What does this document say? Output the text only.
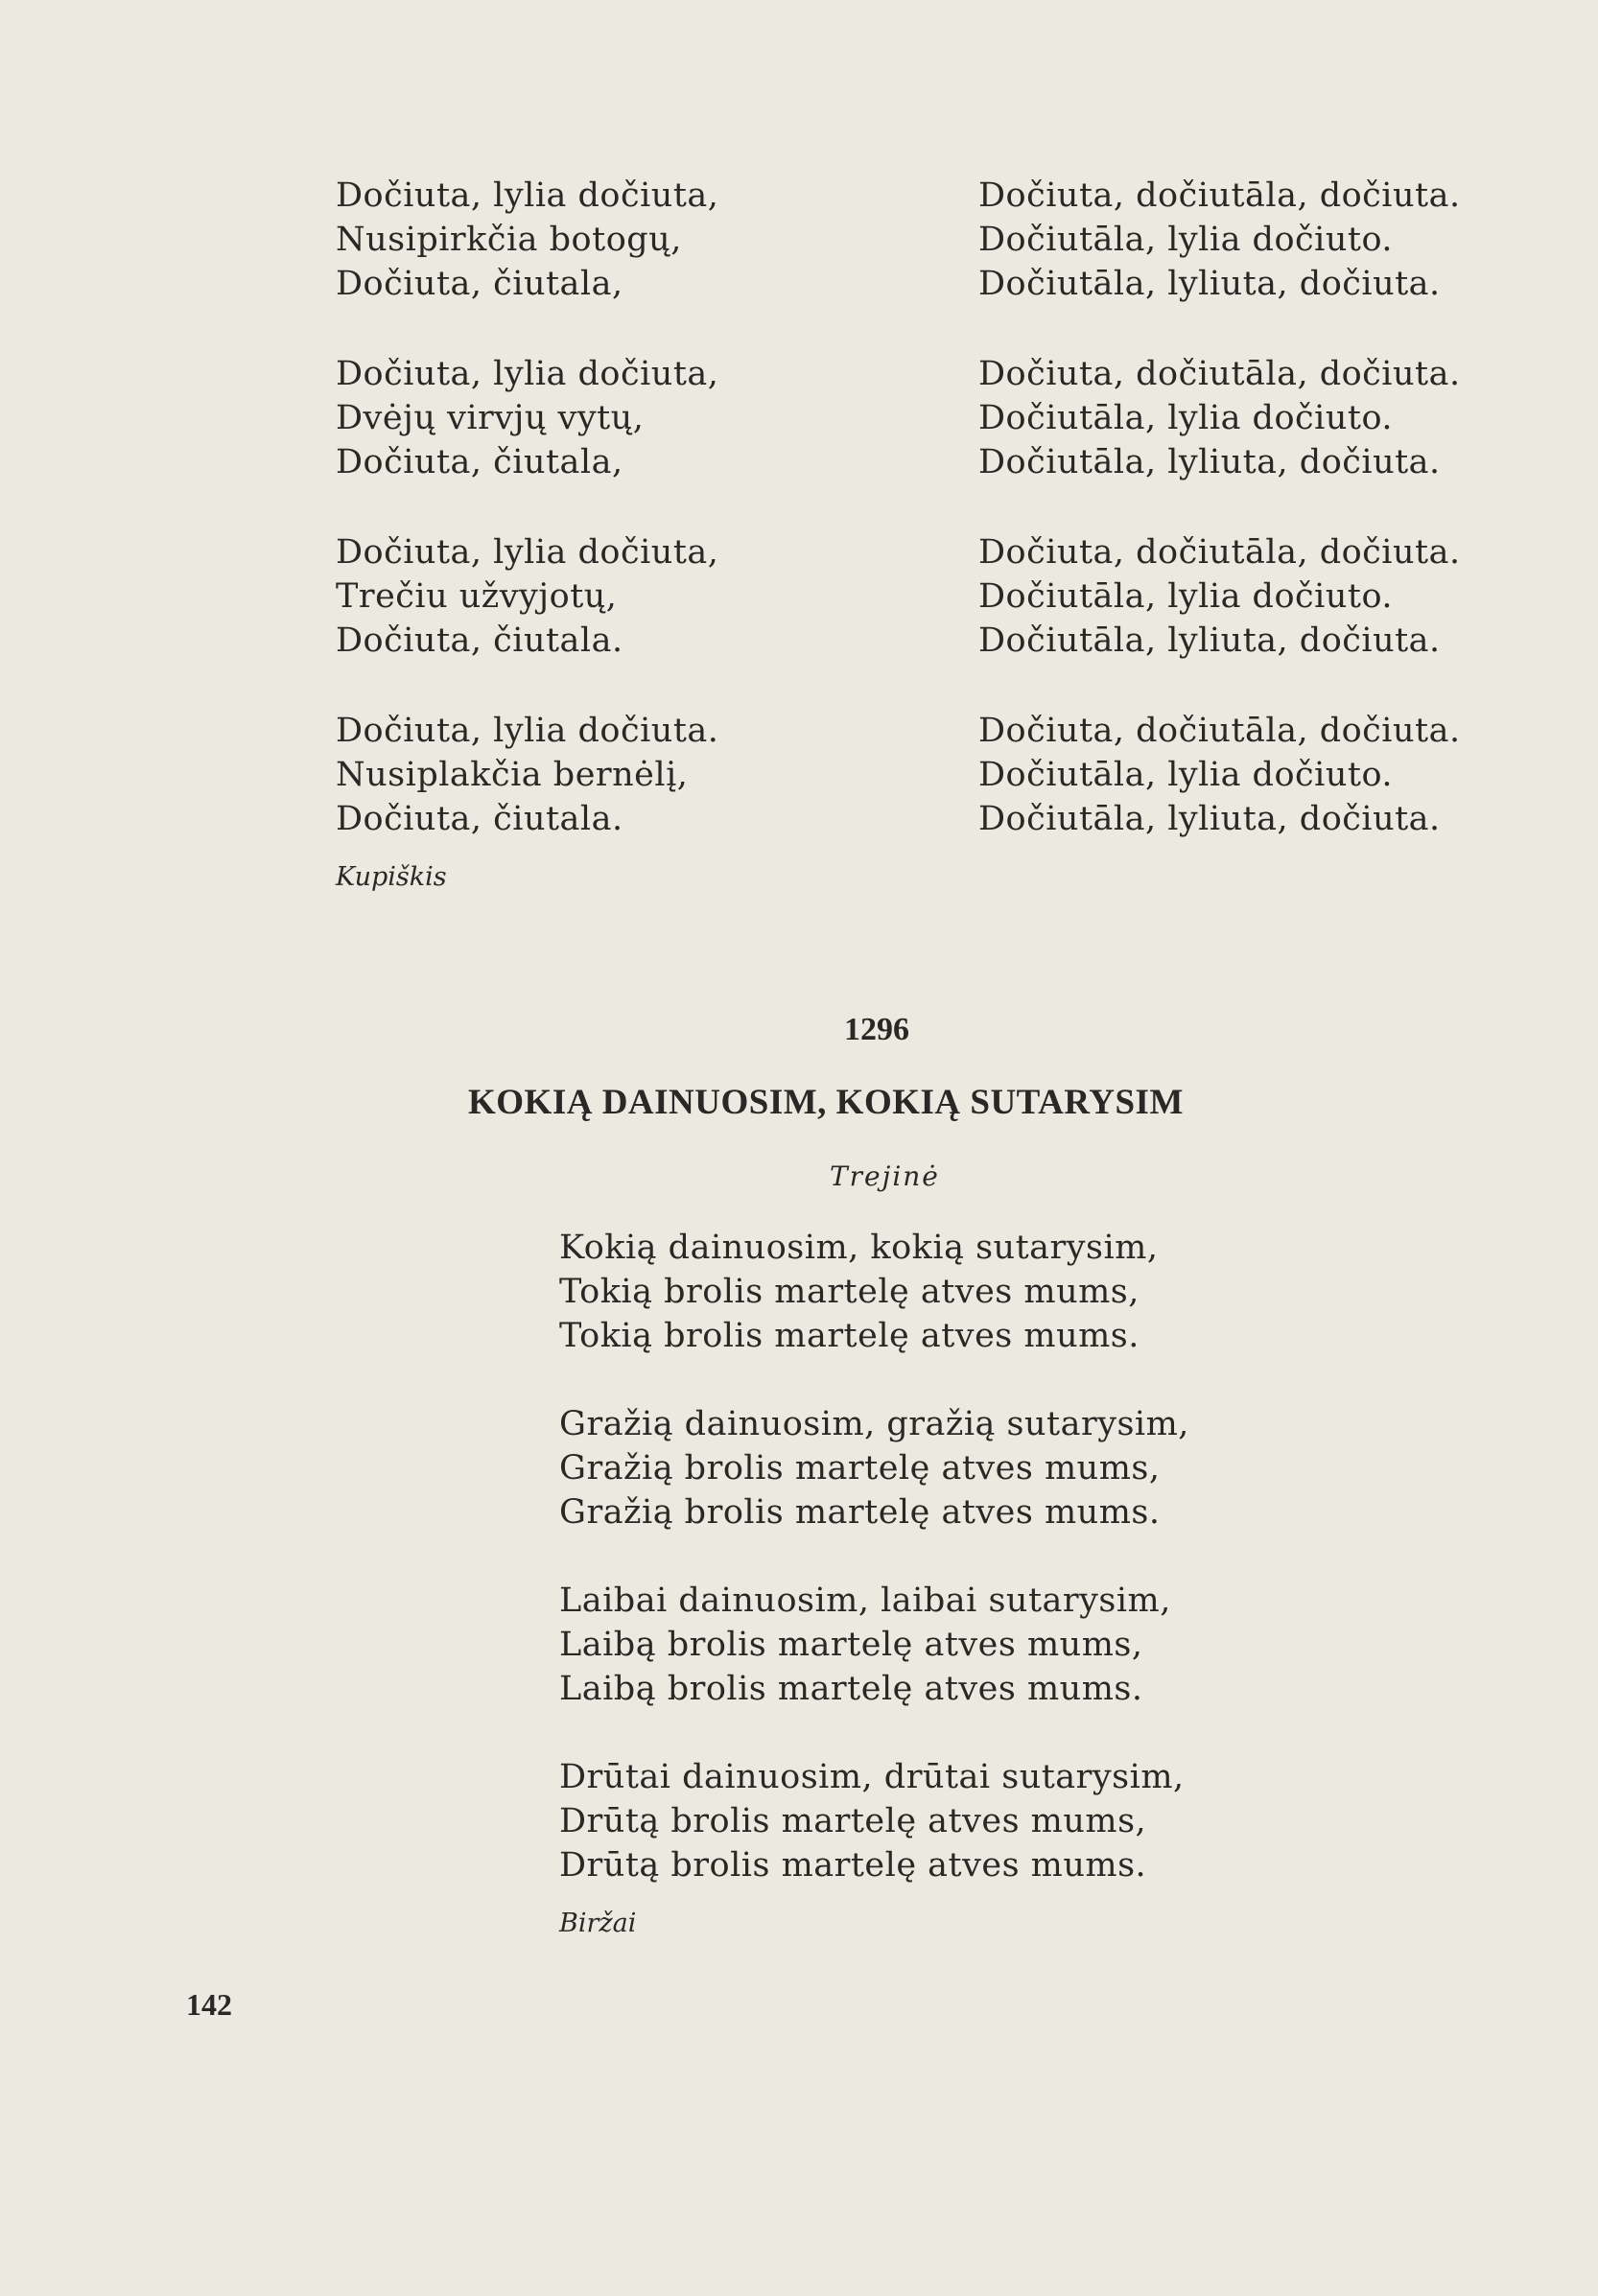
Dočiuta, lylia dočiuta,
Nusipirkčia botogų,
Dočiuta, čiutala,
Dočiuta, lylia dočiuta,
Dvėjų virvjų vytų,
Dočiuta, čiutala,
Dočiuta, lylia dočiuta,
Trečiu užvyjotų,
Dočiuta, čiutala.
Dočiuta, lylia dočiuta.
Nusiplakčia bernėlį,
Dočiuta, čiutala.
Kupiškis
Dočiuta, dočiutāla, dočiuta.
Dočiutāla, lylia dočiuto.
Dočiutāla, lyliuta, dočiuta.
Dočiuta, dočiutāla, dočiuta.
Dočiutāla, lylia dočiuto.
Dočiutāla, lyliuta, dočiuta.
Dočiuta, dočiutāla, dočiuta.
Dočiutāla, lylia dočiuto.
Dočiutāla, lyliuta, dočiuta.
Dočiuta, dočiutāla, dočiuta.
Dočiutāla, lylia dočiuto.
Dočiutāla, lyliuta, dočiuta.
1296
KOKIĄ DAINUOSIM, KOKIĄ SUTARYSIM
Trejinė
Kokią dainuosim, kokią sutarysim,
Tokią brolis martelę atves mums,
Tokią brolis martelę atves mums.
Gražią dainuosim, gražią sutarysim,
Gražią brolis martelę atves mums,
Gražią brolis martelę atves mums.
Laibai dainuosim, laibai sutarysim,
Laibą brolis martelę atves mums,
Laibą brolis martelę atves mums.
Drūtai dainuosim, drūtai sutarysim,
Drūtą brolis martelę atves mums,
Drūtą brolis martelę atves mums.
Biržai
142
